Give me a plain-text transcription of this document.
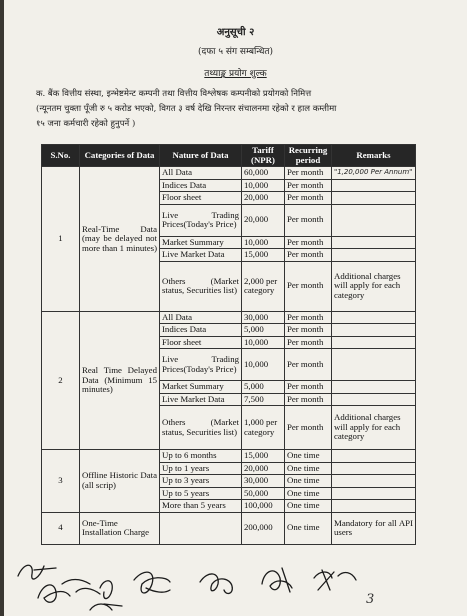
अनुसूची २
(दफा ५ संग सम्बन्धित)
तथ्याङ्क प्रयोग शुल्क
क. बैंक वित्तीय संस्था, इन्भेष्टमेन्ट कम्पनी तथा वित्तीय विश्लेषक कम्पनीको प्रयोगको निमित्त
(न्यूनतम चुक्ता पूँजी रु ५ करोड भएको, विगत ३ वर्ष देखि निरन्तर संचालनमा रहेको र हाल कम्तीमा
१५ जना कर्मचारी रहेको हुनुपर्ने )
S.No.	Categories of Data	Nature of Data	Tariff (NPR)	Recurring period	Remarks
1	Real-Time Data (may be delayed not more than 1 minutes)	All Data	60,000	Per month	"1,20,000 Per Annum"
		Indices Data	10,000	Per month	
		Floor sheet	20,000	Per month	
		Live Trading Prices(Today's Price)	20,000	Per month	
		Market Summary	10,000	Per month	
		Live Market Data	15,000	Per month	
		Others (Market status, Securities list)	2,000 per category	Per month	Additional charges will apply for each category
2	Real Time Delayed Data (Minimum 15 minutes)	All Data	30,000	Per month	
		Indices Data	5,000	Per month	
		Floor sheet	10,000	Per month	
		Live Trading Prices(Today's Price)	10,000	Per month	
		Market Summary	5,000	Per month	
		Live Market Data	7,500	Per month	
		Others (Market status, Securities list)	1,000 per category	Per month	Additional charges will apply for each category
3	Offline Historic Data (all scrip)	Up to 6 months	15,000	One time	
		Up to 1 years	20,000	One time	
		Up to 3 years	30,000	One time	
		Up to 5 years	50,000	One time	
		More than 5 years	100,000	One time	
4	One-Time Installation Charge		200,000	One time	Mandatory for all API users
3
